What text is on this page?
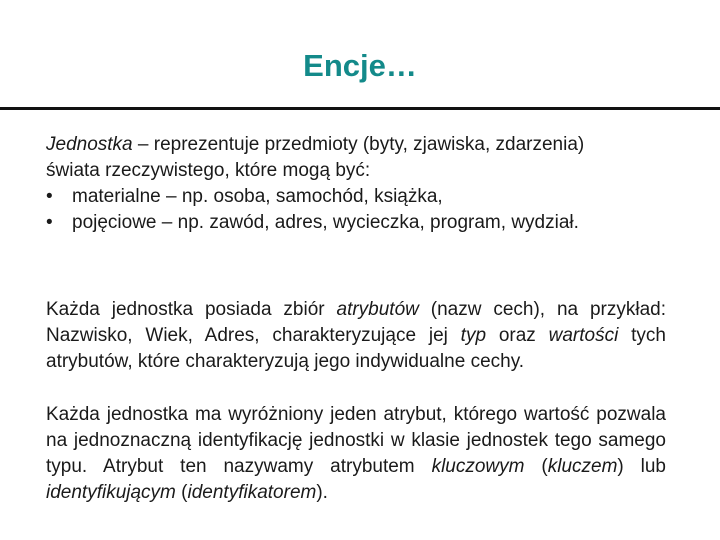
Encje…
Jednostka – reprezentuje przedmioty (byty, zjawiska, zdarzenia)
świata rzeczywistego, które mogą być:
•	materialne – np. osoba, samochód, książka,
•	pojęciowe – np. zawód, adres, wycieczka, program, wydział.
Każda jednostka posiada zbiór atrybutów (nazw cech), na przykład: Nazwisko, Wiek, Adres, charakteryzujące jej typ oraz wartości tych atrybutów, które charakteryzują jego indywidualne cechy.
Każda jednostka ma wyróżniony jeden atrybut, którego wartość pozwala na jednoznaczną identyfikację jednostki w klasie jednostek tego samego typu. Atrybut ten nazywamy atrybutem kluczowym (kluczem) lub identyfikującym (identyfikatorem).
